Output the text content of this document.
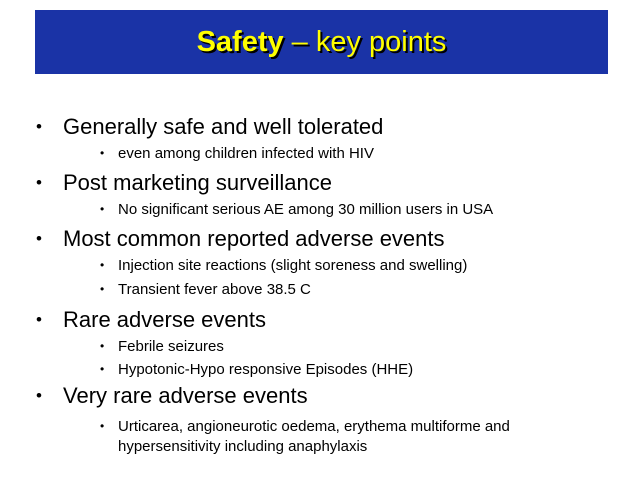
Safety – key points
• Generally safe and well tolerated
• even among children infected with HIV
• Post marketing surveillance
• No significant serious AE among 30 million users in USA
• Most common reported adverse events
• Injection site reactions (slight soreness and swelling)
• Transient fever above 38.5 C
• Rare adverse events
• Febrile seizures
• Hypotonic-Hypo responsive Episodes (HHE)
• Very rare adverse events
• Urticarea, angioneurotic oedema, erythema multiforme and hypersensitivity including anaphylaxis
